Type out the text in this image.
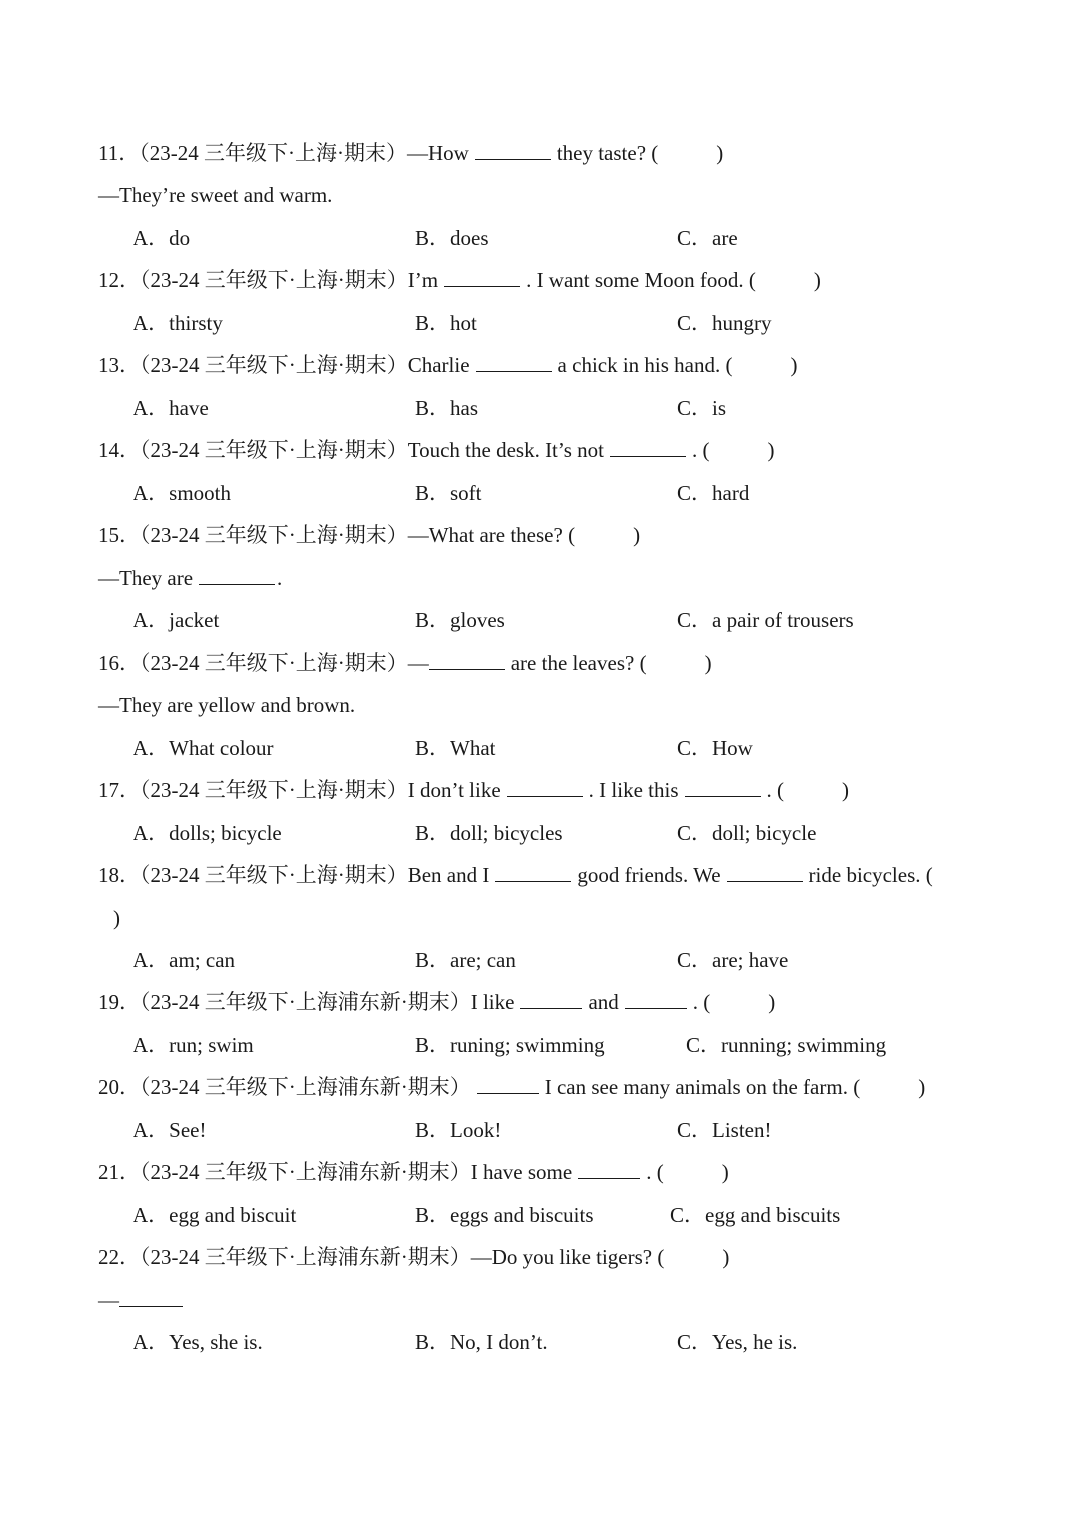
11．（23-24 三年级下·上海·期末）—How	they taste? (	)
—They’re sweet and warm.
A．do	B．does	C．are
12．（23-24 三年级下·上海·期末）I’m	. I want some Moon food. (	)
A．thirsty	B．hot	C．hungry
13．（23-24 三年级下·上海·期末）Charlie	a chick in his hand. (	)
A．have	B．has	C．is
14．（23-24 三年级下·上海·期末）Touch the desk. It’s not	. (	)
A．smooth	B．soft	C．hard
15．（23-24 三年级下·上海·期末）—What are these? (	)
—They are	.
A．jacket	B．gloves	C．a pair of trousers
16．（23-24 三年级下·上海·期末）—	are the leaves? (	)
—They are yellow and brown.
A．What colour	B．What	C．How
17．（23-24 三年级下·上海·期末）I don’t like	. I like this	. (	)
A．dolls; bicycle	B．doll; bicycles	C．doll; bicycle
18．（23-24 三年级下·上海·期末）Ben and I	good friends. We	ride bicycles. (
)
A．am; can	B．are; can	C．are; have
19．（23-24 三年级下·上海浦东新·期末）I like	and	. (	)
A．run; swim	B．runing; swimming	C．running; swimming
20．（23-24 三年级下·上海浦东新·期末）	I can see many animals on the farm. (	)
A．See!	B．Look!	C．Listen!
21．（23-24 三年级下·上海浦东新·期末）I have some	. (	)
A．egg and biscuit	B．eggs and biscuits	C．egg and biscuits
22．（23-24 三年级下·上海浦东新·期末）—Do you like tigers? (	)
—
A．Yes, she is.	B．No, I don’t.	C．Yes, he is.
